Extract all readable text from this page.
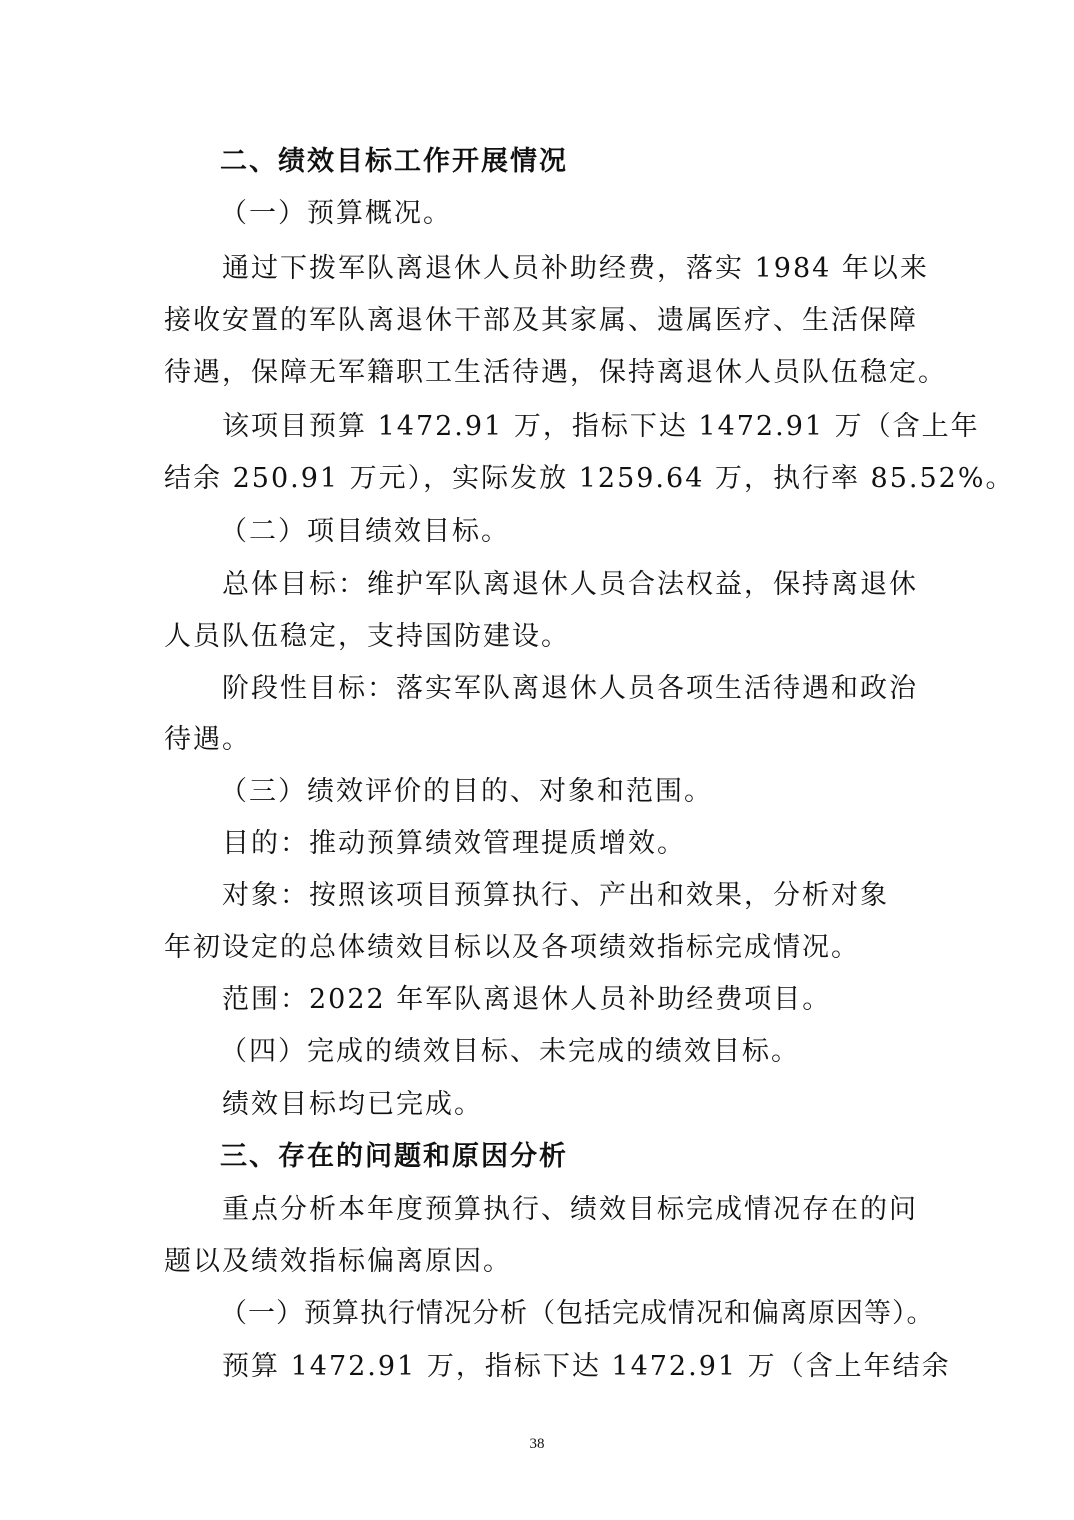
二、绩效目标工作开展情况
（一）预算概况。
通过下拨军队离退休人员补助经费，落实 1984 年以来
接收安置的军队离退休干部及其家属、遗属医疗、生活保障
待遇，保障无军籍职工生活待遇，保持离退休人员队伍稳定。
该项目预算 1472.91 万，指标下达 1472.91 万（含上年
结余 250.91 万元），实际发放 1259.64 万，执行率 85.52%。
（二）项目绩效目标。
总体目标：维护军队离退休人员合法权益，保持离退休
人员队伍稳定，支持国防建设。
阶段性目标：落实军队离退休人员各项生活待遇和政治
待遇。
（三）绩效评价的目的、对象和范围。
目的：推动预算绩效管理提质增效。
对象：按照该项目预算执行、产出和效果，分析对象
年初设定的总体绩效目标以及各项绩效指标完成情况。
范围：2022 年军队离退休人员补助经费项目。
（四）完成的绩效目标、未完成的绩效目标。
绩效目标均已完成。
三、存在的问题和原因分析
重点分析本年度预算执行、绩效目标完成情况存在的问
题以及绩效指标偏离原因。
（一）预算执行情况分析（包括完成情况和偏离原因等）。
预算 1472.91 万，指标下达 1472.91 万（含上年结余
38
